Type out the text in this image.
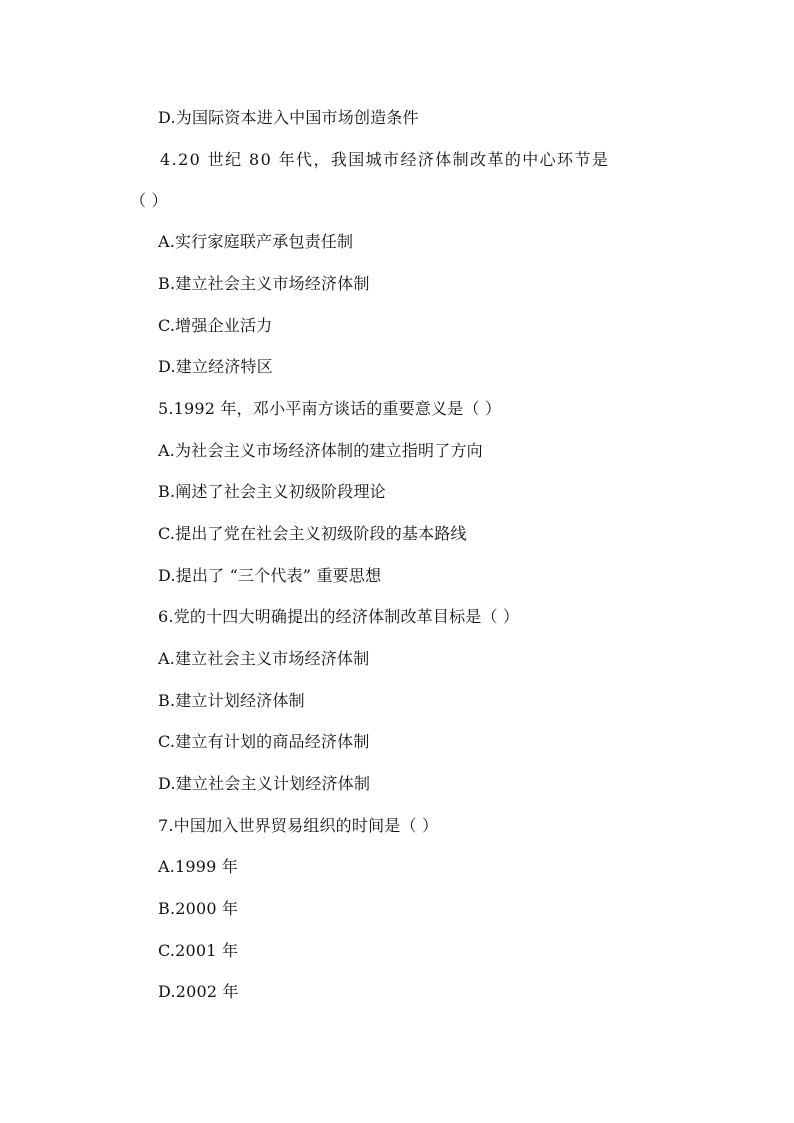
D.为国际资本进入中国市场创造条件
4.20 世纪 80 年代，我国城市经济体制改革的中心环节是
（ ）
A.实行家庭联产承包责任制
B.建立社会主义市场经济体制
C.增强企业活力
D.建立经济特区
5.1992 年，邓小平南方谈话的重要意义是（ ）
A.为社会主义市场经济体制的建立指明了方向
B.阐述了社会主义初级阶段理论
C.提出了党在社会主义初级阶段的基本路线
D.提出了 “三个代表” 重要思想
6.党的十四大明确提出的经济体制改革目标是（ ）
A.建立社会主义市场经济体制
B.建立计划经济体制
C.建立有计划的商品经济体制
D.建立社会主义计划经济体制
7.中国加入世界贸易组织的时间是（ ）
A.1999 年
B.2000 年
C.2001 年
D.2002 年
